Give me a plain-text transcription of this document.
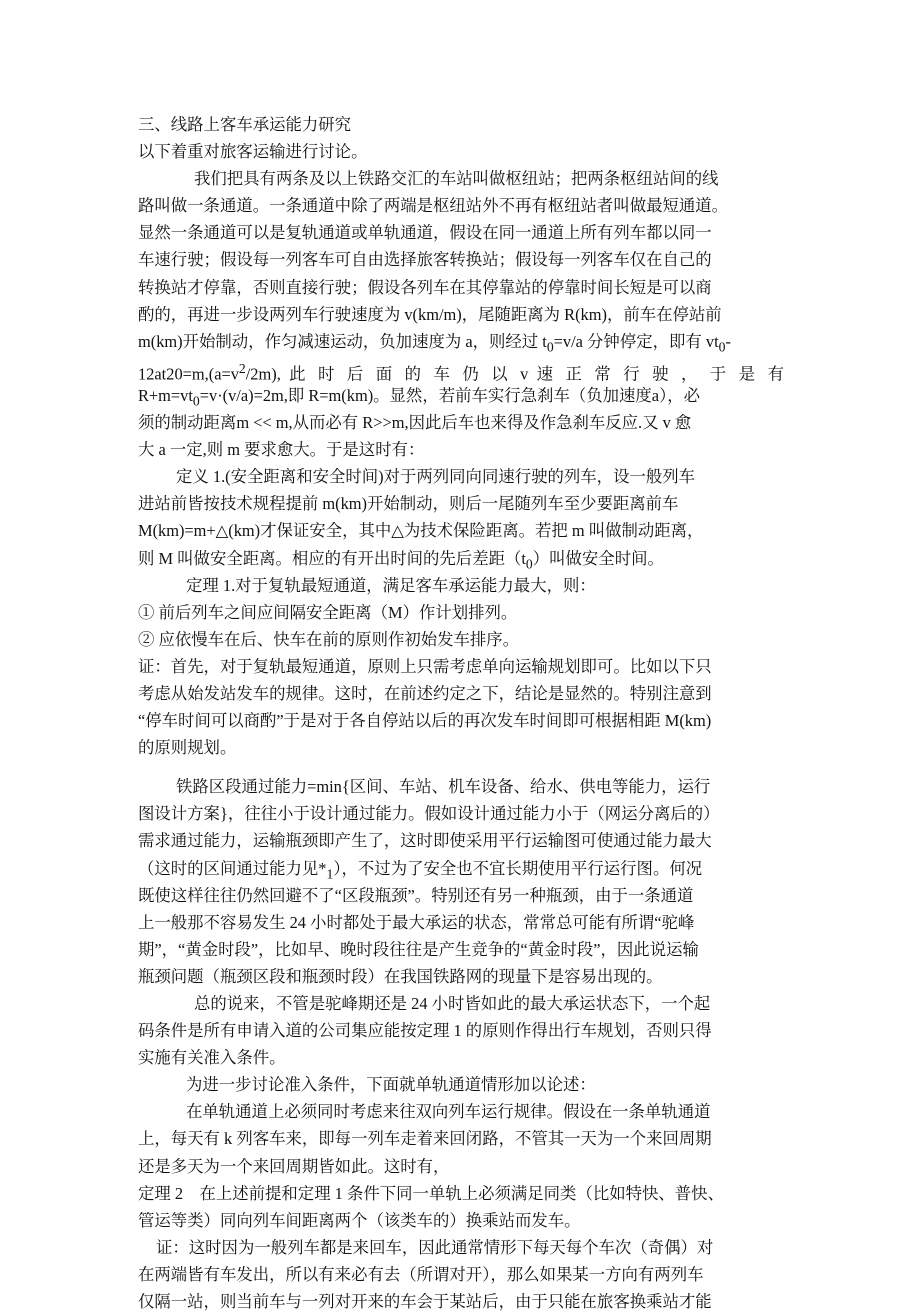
三、线路上客车承运能力研究
以下着重对旅客运输进行讨论。
我们把具有两条及以上铁路交汇的车站叫做枢纽站；把两条枢纽站间的线
路叫做一条通道。一条通道中除了两端是枢纽站外不再有枢纽站者叫做最短通道。
显然一条通道可以是复轨通道或单轨通道，假设在同一通道上所有列车都以同一
车速行驶；假设每一列客车可自由选择旅客转换站；假设每一列客车仅在自己的
转换站才停靠，否则直接行驶；假设各列车在其停靠站的停靠时间长短是可以商
酌的，再进一步设两列车行驶速度为 v(km/m)，尾随距离为 R(km)，前车在停站前
m(km)开始制动，作匀减速运动，负加速度为 a，则经过 $t_0=v/a$ 分钟停定，即有 $vt_0-$
$12at20=m,(a=v^2/2m)$, 此 时 后 面 的 车 仍 以 v 速 正 常 行 驶 ， 于 是 有
$R+m=vt_0=v\cdot(v/a)=2m$,即 R=m(km)。显然，若前车实行急刹车（负加速度a），必
须的制动距离m << m,从而必有 R>>m,因此后车也来得及作急刹车反应.又 v 愈
大 a 一定,则 m 要求愈大。于是这时有：
定义 1.(安全距离和安全时间)对于两列同向同速行驶的列车，设一般列车
进站前皆按技术规程提前 m(km)开始制动，则后一尾随列车至少要距离前车
M(km)=m+△(km)才保证安全，其中△为技术保险距离。若把 m 叫做制动距离，
则 M 叫做安全距离。相应的有开出时间的先后差距$(t_0)$叫做安全时间。
定理 1.对于复轨最短通道，满足客车承运能力最大，则：
① 前后列车之间应间隔安全距离（M）作计划排列。
② 应依慢车在后、快车在前的原则作初始发车排序。
证：首先，对于复轨最短通道，原则上只需考虑单向运输规划即可。比如以下只
考虑从始发站发车的规律。这时，在前述约定之下，结论是显然的。特别注意到
“停车时间可以商酌”于是对于各自停站以后的再次发车时间即可根据相距 M(km)
的原则规划。
铁路区段通过能力=min{区间、车站、机车设备、给水、供电等能力，运行
图设计方案}，往往小于设计通过能力。假如设计通过能力小于（网运分离后的）
需求通过能力，运输瓶颈即产生了，这时即使采用平行运输图可使通过能力最大
（这时的区间通过能力见$*_1$），不过为了安全也不宜长期使用平行运行图。何况
既使这样往往仍然回避不了“区段瓶颈”。特别还有另一种瓶颈，由于一条通道
上一般那不容易发生 24 小时都处于最大承运的状态，常常总可能有所谓“驼峰
期”，“黄金时段”，比如早、晚时段往往是产生竞争的“黄金时段”，因此说运输
瓶颈问题（瓶颈区段和瓶颈时段）在我国铁路网的现量下是容易出现的。
总的说来，不管是驼峰期还是 24 小时皆如此的最大承运状态下，一个起
码条件是所有申请入道的公司集应能按定理 1 的原则作得出行车规划，否则只得
实施有关准入条件。
为进一步讨论准入条件，下面就单轨通道情形加以论述：
在单轨通道上必须同时考虑来往双向列车运行规律。假设在一条单轨通道
上，每天有 k 列客车来，即每一列车走着来回闭路，不管其一天为一个来回周期
还是多天为一个来回周期皆如此。这时有，
定理 2　在上述前提和定理 1 条件下同一单轨上必须满足同类（比如特快、普快、
管运等类）同向列车间距离两个（该类车的）换乘站而发车。
证：这时因为一般列车都是来回车，因此通常情形下每天每个车次（奇偶）对
在两端皆有车发出，所以有来必有去（所谓对开），那么如果某一方向有两列车
仅隔一站，则当前车与一列对开来的车会于某站后，由于只能在旅客换乘站才能
